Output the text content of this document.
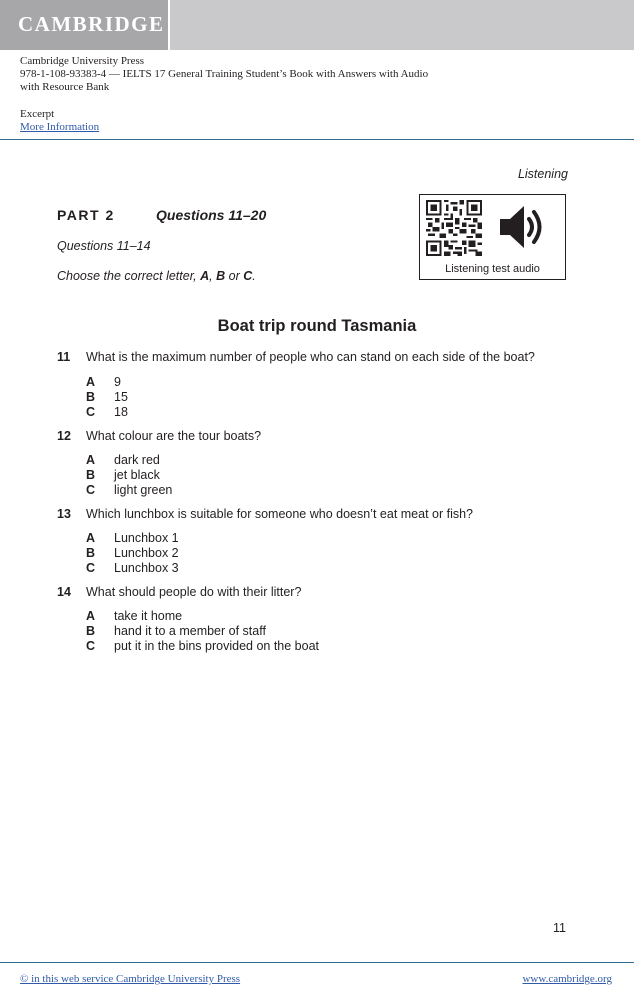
CAMBRIDGE
Cambridge University Press
978-1-108-93383-4 — IELTS 17 General Training Student’s Book with Answers with Audio
with Resource Bank
Excerpt
More Information
Listening
PART 2	Questions 11–20
Questions 11–14
Choose the correct letter, A, B or C.	Listening test audio
Boat trip round Tasmania
11 What is the maximum number of people who can stand on each side of the boat?
A 9
B 15
C 18
12 What colour are the tour boats?
A dark red
B jet black
C light green
13 Which lunchbox is suitable for someone who doesn’t eat meat or fish?
A Lunchbox 1
B Lunchbox 2
C Lunchbox 3
14 What should people do with their litter?
A take it home
B hand it to a member of staff
C put it in the bins provided on the boat
11
© in this web service Cambridge University Press	www.cambridge.org
